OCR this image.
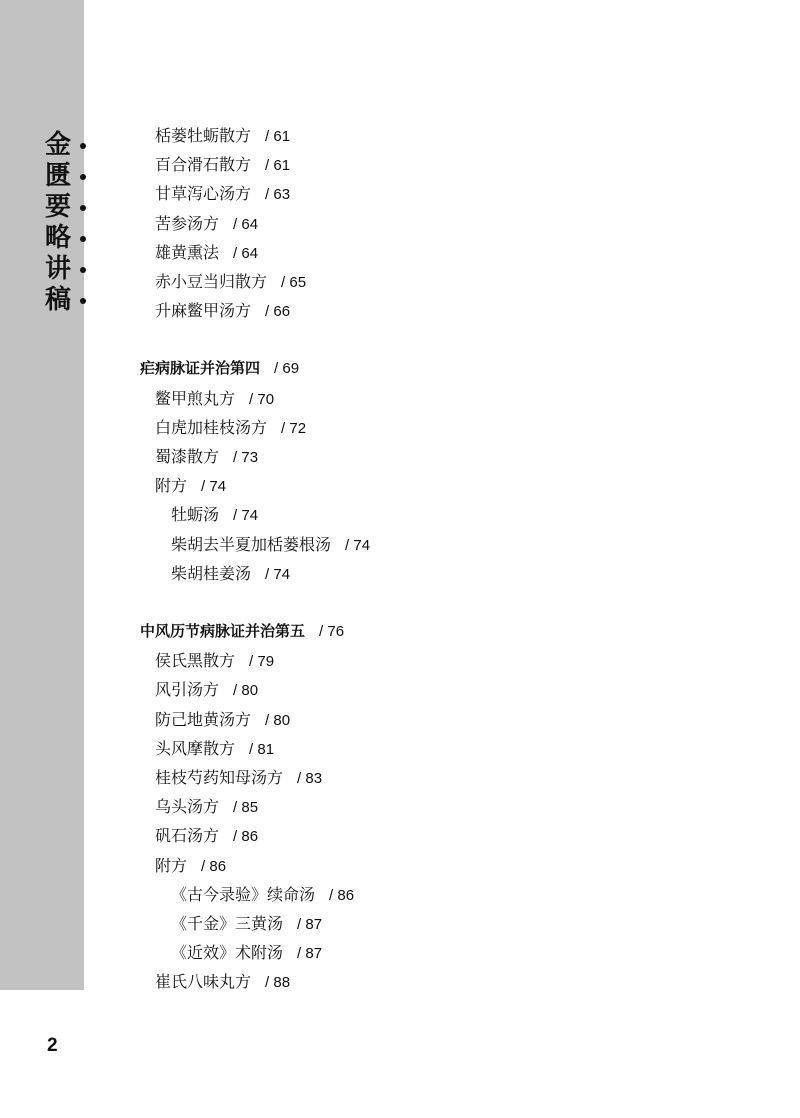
金
匮
要
略
讲
稿
栝蒌牡蛎散方 / 61
百合滑石散方 / 61
甘草泻心汤方 / 63
苦参汤方 / 64
雄黄熏法 / 64
赤小豆当归散方 / 65
升麻鳖甲汤方 / 66
疟病脉证并治第四 / 69
鳖甲煎丸方 / 70
白虎加桂枝汤方 / 72
蜀漆散方 / 73
附方 / 74
牡蛎汤 / 74
柴胡去半夏加栝蒌根汤 / 74
柴胡桂姜汤 / 74
中风历节病脉证并治第五 / 76
侯氏黑散方 / 79
风引汤方 / 80
防己地黄汤方 / 80
头风摩散方 / 81
桂枝芍药知母汤方 / 83
乌头汤方 / 85
矾石汤方 / 86
附方 / 86
《古今录验》续命汤 / 86
《千金》三黄汤 / 87
《近效》术附汤 / 87
崔氏八味丸方 / 88
2
